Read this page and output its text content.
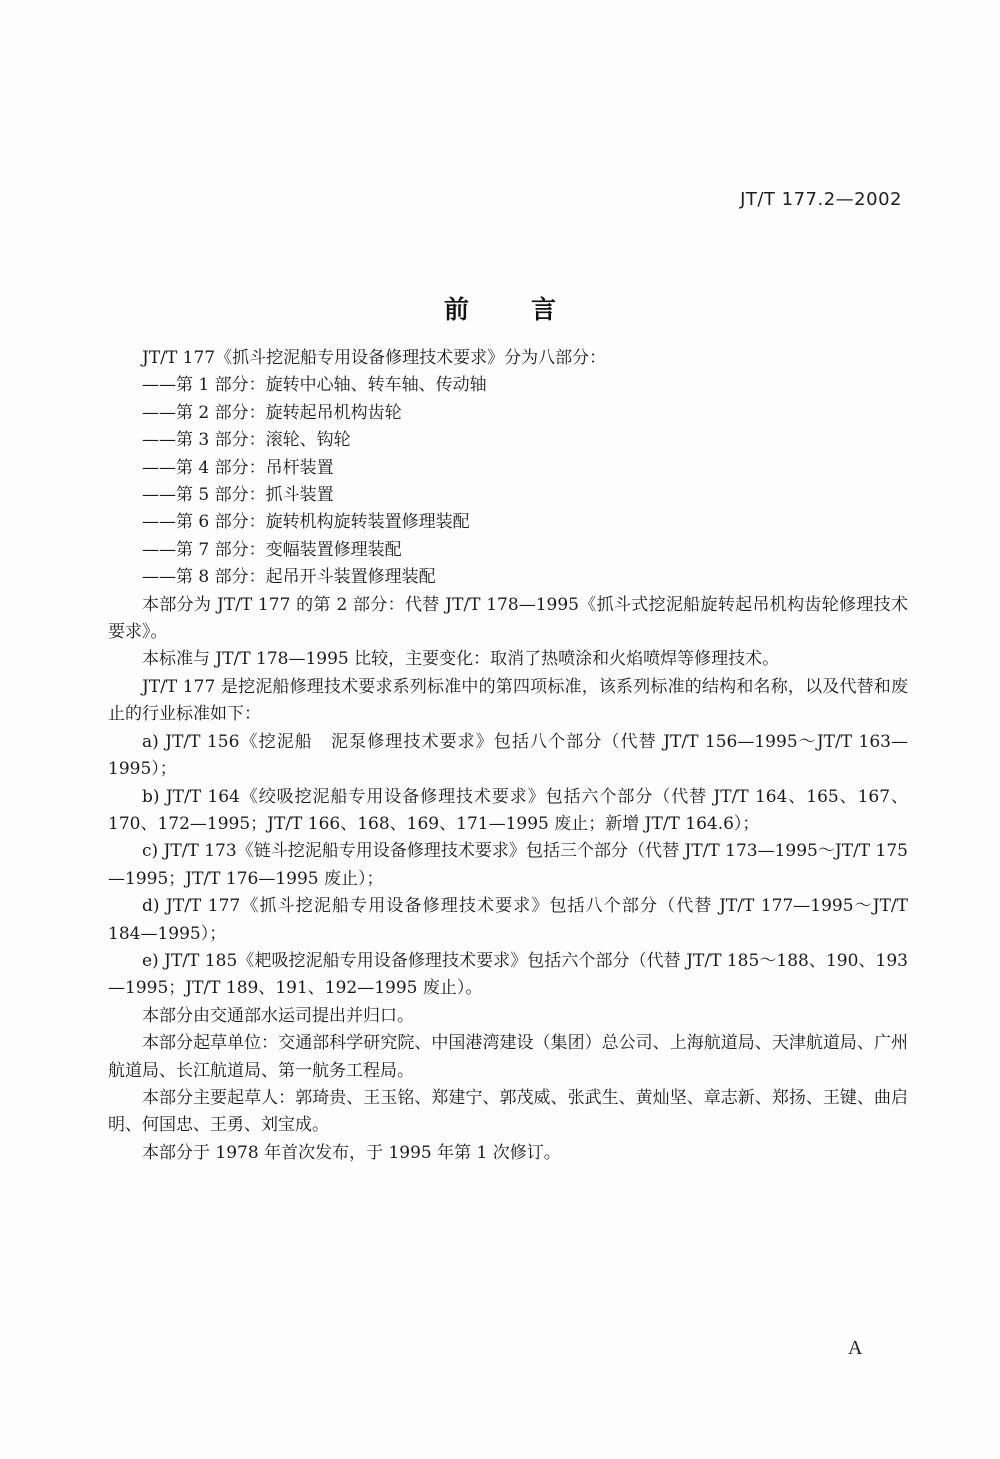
JT/T 177.2—2002
前言

JT/T 177《抓斗挖泥船专用设备修理技术要求》分为八部分：

——第 1 部分：旋转中心轴、转车轴、传动轴

——第 2 部分：旋转起吊机构齿轮

——第 3 部分：滚轮、钩轮

——第 4 部分：吊杆装置

——第 5 部分：抓斗装置

——第 6 部分：旋转机构旋转装置修理装配

——第 7 部分：变幅装置修理装配

——第 8 部分：起吊开斗装置修理装配

本部分为 JT/T 177 的第 2 部分：代替 JT/T 178—1995《抓斗式挖泥船旋转起吊机构齿轮修理技术要求》。

本标准与 JT/T 178—1995 比较，主要变化：取消了热喷涂和火焰喷焊等修理技术。

JT/T 177 是挖泥船修理技术要求系列标准中的第四项标准，该系列标准的结构和名称，以及代替和废止的行业标准如下：

a) JT/T 156《挖泥船　泥泵修理技术要求》包括八个部分（代替 JT/T 156—1995～JT/T 163—1995）；

b) JT/T 164《绞吸挖泥船专用设备修理技术要求》包括六个部分（代替 JT/T 164、165、167、170、172—1995；JT/T 166、168、169、171—1995 废止；新增 JT/T 164.6）；

c) JT/T 173《链斗挖泥船专用设备修理技术要求》包括三个部分（代替 JT/T 173—1995～JT/T 175—1995；JT/T 176—1995 废止）；

d) JT/T 177《抓斗挖泥船专用设备修理技术要求》包括八个部分（代替 JT/T 177—1995～JT/T 184—1995）；

e) JT/T 185《耙吸挖泥船专用设备修理技术要求》包括六个部分（代替 JT/T 185～188、190、193—1995；JT/T 189、191、192—1995 废止）。

本部分由交通部水运司提出并归口。

本部分起草单位：交通部科学研究院、中国港湾建设（集团）总公司、上海航道局、天津航道局、广州航道局、长江航道局、第一航务工程局。

本部分主要起草人：郭琦贵、王玉铭、郑建宁、郭茂威、张武生、黄灿坚、章志新、郑扬、王键、曲启明、何国忠、王勇、刘宝成。

本部分于 1978 年首次发布，于 1995 年第 1 次修订。

A
